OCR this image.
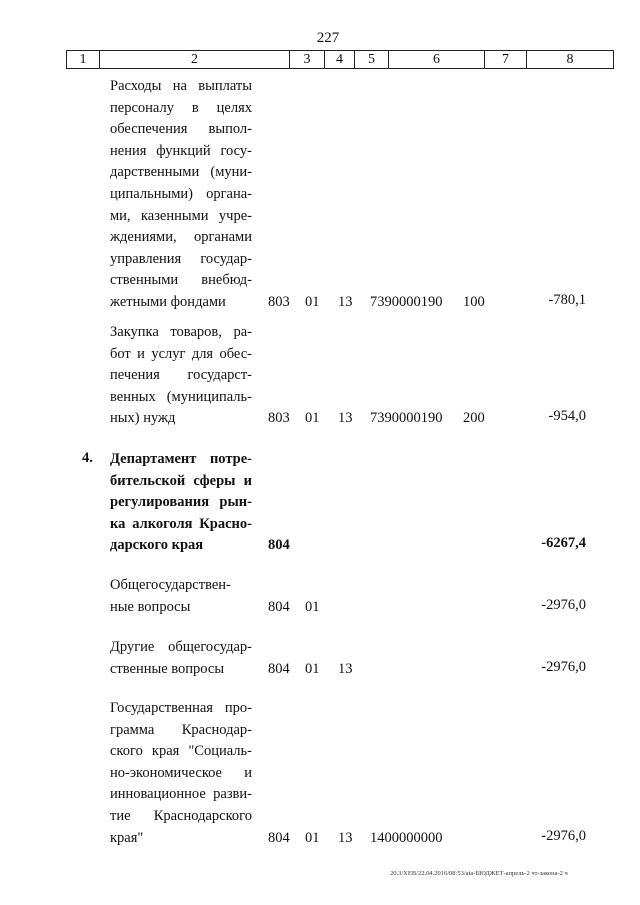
227
1	2	3	4	5	6	7	8
Расходы на выплаты
персоналу в целях
обеспечения выпол-
нения функций госу-
дарственными (муни-
ципальными) органа-
ми, казенными учре-
ждениями, органами
управления государ-
ственными внебюд-
жетными фондами	803 01 13 7390000190 100	-780,1
Закупка товаров, ра-
бот и услуг для обес-
печения государст-
венных (муниципаль-
ных) нужд	803 01 13 7390000190 200	-954,0
4. Департамент потре-
бительской сферы и
регулирования рын-
ка алкоголя Красно-
дарского края	804	-6267,4
Общегосударствен-
ные вопросы	804 01	-2976,0
Другие общегосудар-
ственные вопросы	804 01 13	-2976,0
Государственная про-
грамма Краснодар-
ского края "Социаль-
но-экономическое и
инновационное разви-
тие Краснодарского
края"	804 01 13 1400000000	-2976,0
20.3/XEB/22.04.2016/08:53/ata-БЮДЖЕТ-апрель-2 чт-закона-2 ч
